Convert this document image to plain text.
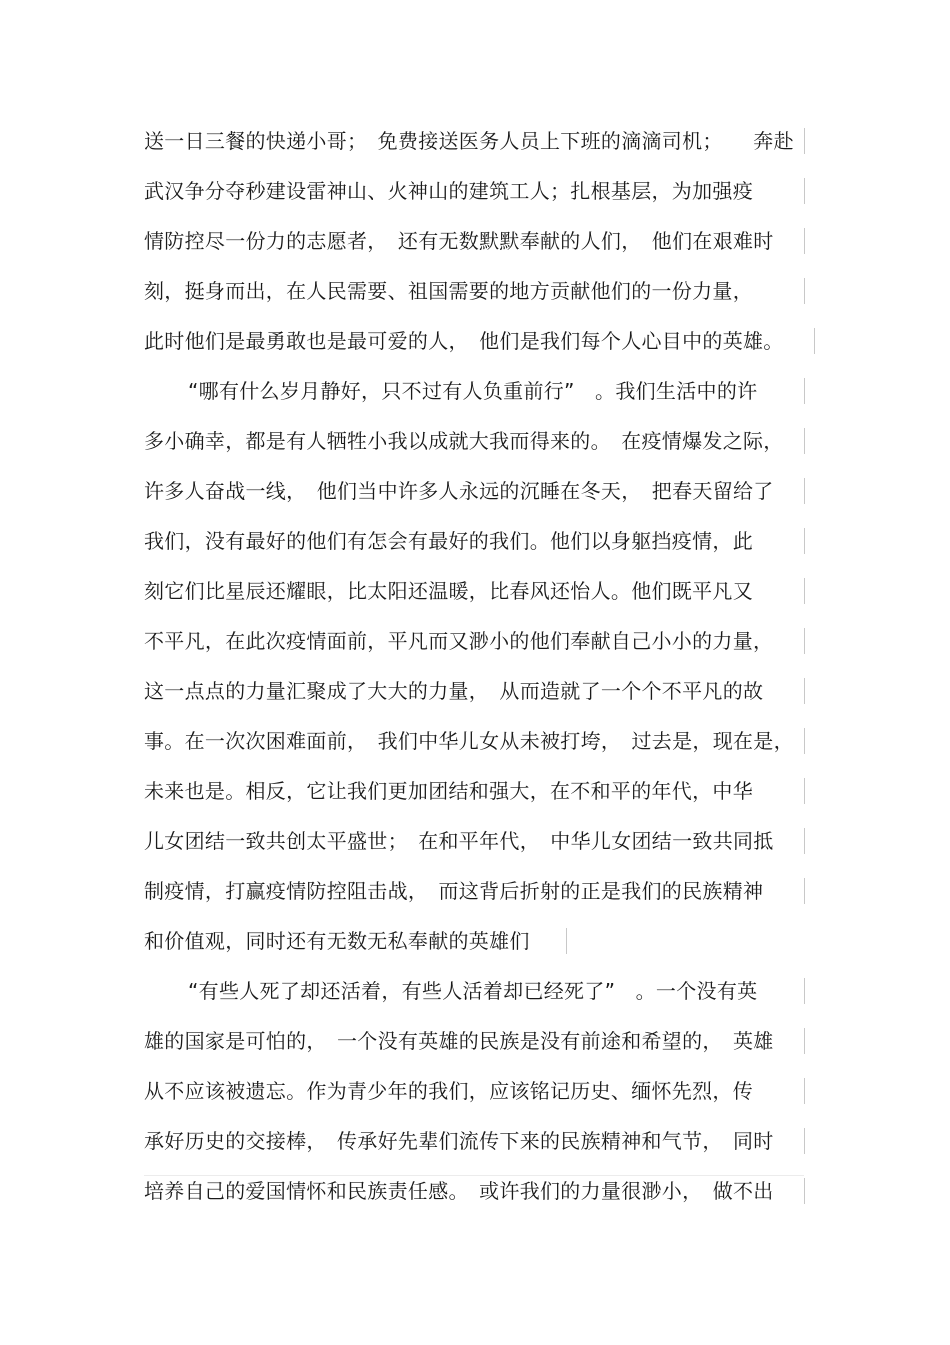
送一日三餐的快递小哥；　免费接送医务人员上下班的滴滴司机；　　奔赴
武汉争分夺秒建设雷神山、火神山的建筑工人；扎根基层，为加强疫
情防控尽一份力的志愿者，　还有无数默默奉献的人们，　他们在艰难时
刻，挺身而出，在人民需要、祖国需要的地方贡献他们的一份力量，
此时他们是最勇敢也是最可爱的人，　他们是我们每个人心目中的英雄。
“哪有什么岁月静好，只不过有人负重前行”　。我们生活中的许
多小确幸，都是有人牺牲小我以成就大我而得来的。　在疫情爆发之际，
许多人奋战一线，　他们当中许多人永远的沉睡在冬天，　把春天留给了
我们，没有最好的他们有怎会有最好的我们。他们以身躯挡疫情，此
刻它们比星辰还耀眼，比太阳还温暖，比春风还怡人。他们既平凡又
不平凡，在此次疫情面前，平凡而又渺小的他们奉献自己小小的力量，
这一点点的力量汇聚成了大大的力量，　从而造就了一个个不平凡的故
事。在一次次困难面前，　我们中华儿女从未被打垮，　过去是，现在是，
未来也是。相反，它让我们更加团结和强大，在不和平的年代，中华
儿女团结一致共创太平盛世；　在和平年代，　中华儿女团结一致共同抵
制疫情，打赢疫情防控阻击战，　而这背后折射的正是我们的民族精神
和价值观，同时还有无数无私奉献的英雄们
“有些人死了却还活着，有些人活着却已经死了”　。一个没有英
雄的国家是可怕的，　一个没有英雄的民族是没有前途和希望的，　英雄
从不应该被遗忘。作为青少年的我们，应该铭记历史、缅怀先烈，传
承好历史的交接棒，　传承好先辈们流传下来的民族精神和气节，　同时
培养自己的爱国情怀和民族责任感。　或许我们的力量很渺小，　做不出
